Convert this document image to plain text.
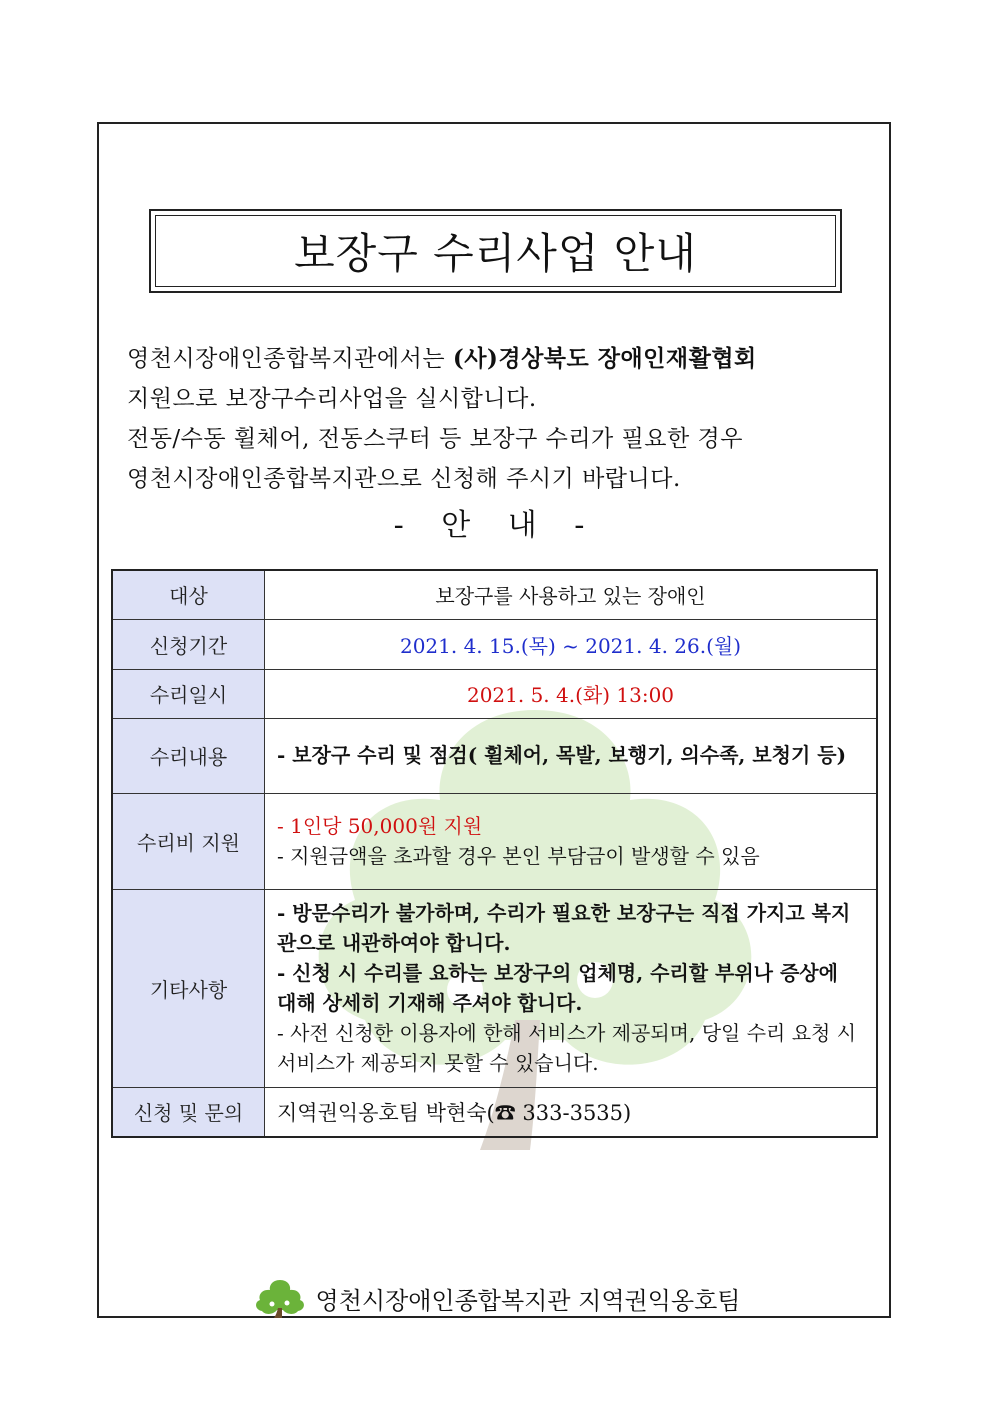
보장구 수리사업 안내
영천시장애인종합복지관에서는 (사)경상북도 장애인재활협회
지원으로 보장구수리사업을 실시합니다.
전동/수동 휠체어, 전동스쿠터 등 보장구 수리가 필요한 경우
영천시장애인종합복지관으로 신청해 주시기 바랍니다.
- 안 내 -
대상	보장구를 사용하고 있는 장애인
신청기간	2021. 4. 15.(목) ~ 2021. 4. 26.(월)
수리일시	2021. 5. 4.(화) 13:00
수리내용	- 보장구 수리 및 점검( 휠체어, 목발, 보행기, 의수족, 보청기 등)
수리비 지원	- 1인당 50,000원 지원
- 지원금액을 초과할 경우 본인 부담금이 발생할 수 있음

기타사항	- 방문수리가 불가하며, 수리가 필요한 보장구는 직접 가지고 복지관으로 내관하여야 합니다.
- 신청 시 수리를 요하는 보장구의 업체명, 수리할 부위나 증상에 대해 상세히 기재해 주셔야 합니다.
- 사전 신청한 이용자에 한해 서비스가 제공되며, 당일 수리 요청 시 서비스가 제공되지 못할 수 있습니다.

신청 및 문의	지역권익옹호팀 박현숙(☎ 333-3535)
영천시장애인종합복지관 지역권익옹호팀
